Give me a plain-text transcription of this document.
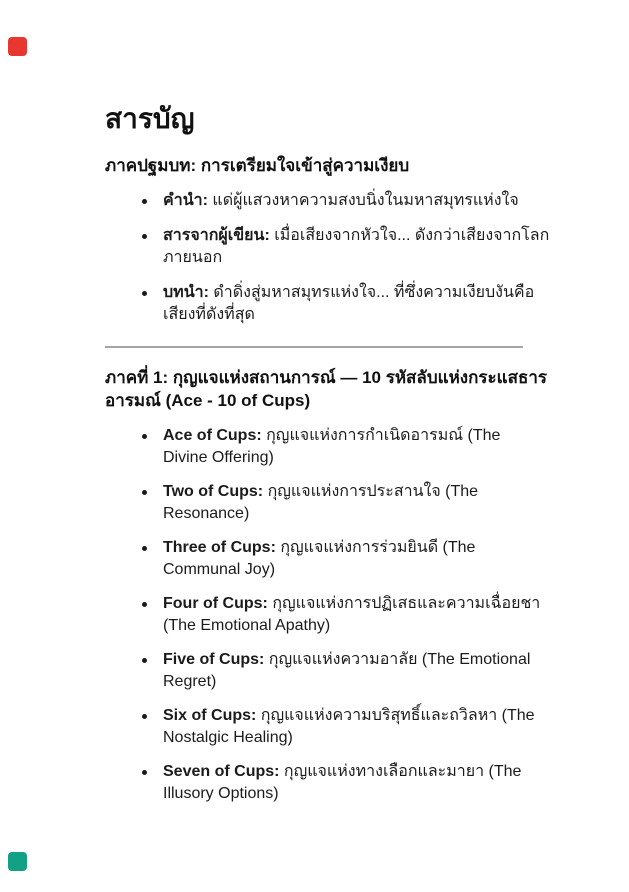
สารบัญ
ภาคปฐมบท: การเตรียมใจเข้าสู่ความเงียบ
คำนำ: แด่ผู้แสวงหาความสงบนิ่งในมหาสมุทรแห่งใจ
สารจากผู้เขียน: เมื่อเสียงจากหัวใจ... ดังกว่าเสียงจากโลก
ภายนอก
บทนำ: ดำดิ่งสู่มหาสมุทรแห่งใจ... ที่ซึ่งความเงียบงันคือ
เสียงที่ดังที่สุด
ภาคที่ 1: กุญแจแห่งสถานการณ์ — 10 รหัสลับแห่งกระแสธาร
อารมณ์ (Ace - 10 of Cups)
Ace of Cups: กุญแจแห่งการกำเนิดอารมณ์ (The
Divine Offering)
Two of Cups: กุญแจแห่งการประสานใจ (The
Resonance)
Three of Cups: กุญแจแห่งการร่วมยินดี (The
Communal Joy)
Four of Cups: กุญแจแห่งการปฏิเสธและความเฉื่อยชา
(The Emotional Apathy)
Five of Cups: กุญแจแห่งความอาลัย (The Emotional
Regret)
Six of Cups: กุญแจแห่งความบริสุทธิ์และถวิลหา (The
Nostalgic Healing)
Seven of Cups: กุญแจแห่งทางเลือกและมายา (The
Illusory Options)
